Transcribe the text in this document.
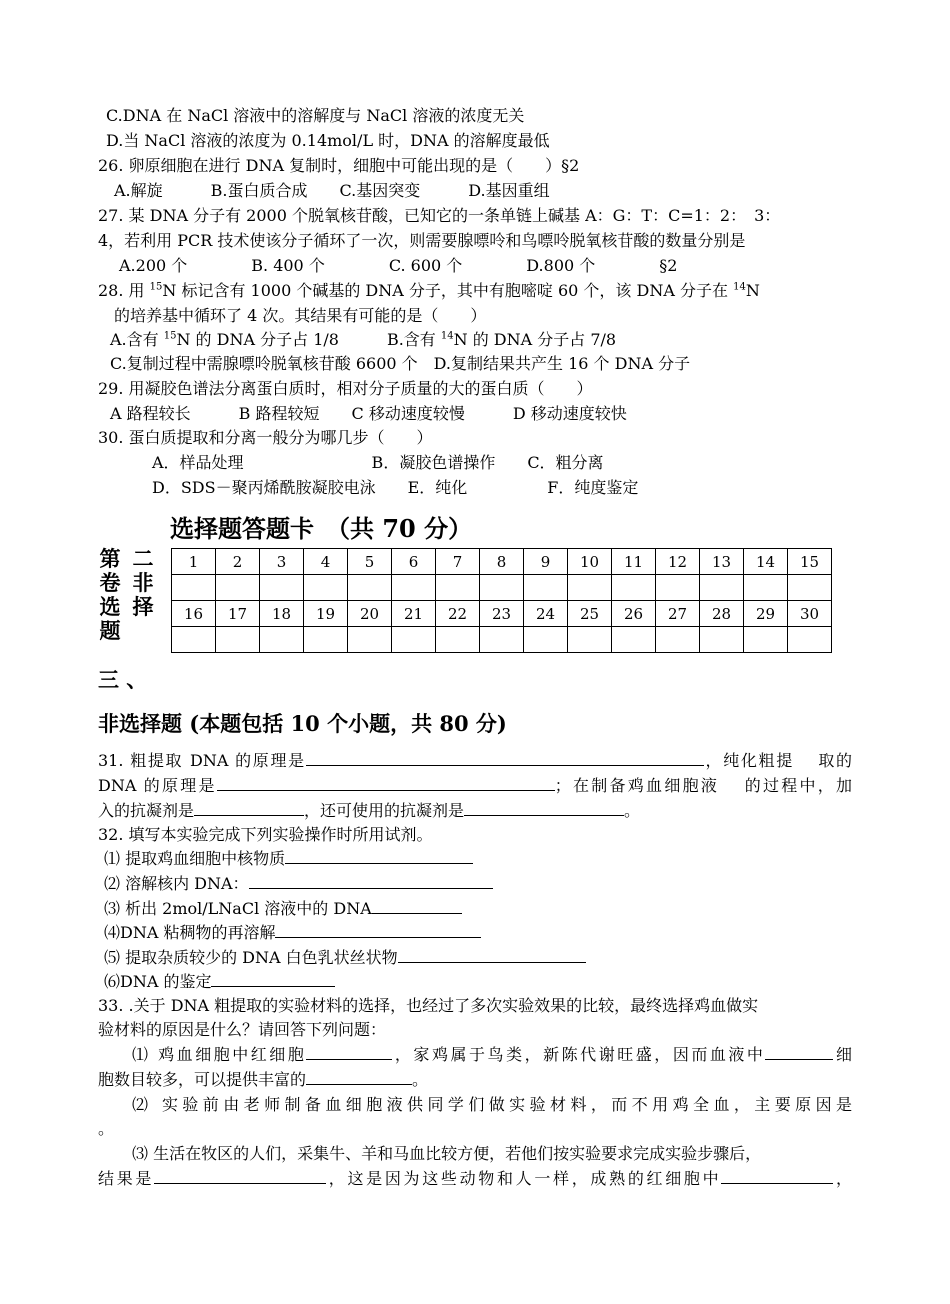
C.DNA 在 NaCl 溶液中的溶解度与 NaCl 溶液的浓度无关
D.当 NaCl 溶液的浓度为 0.14mol/L 时，DNA 的溶解度最低
26. 卵原细胞在进行 DNA 复制时，细胞中可能出现的是（　　）§2
A.解旋　　　B.蛋白质合成　　C.基因突变　　　D.基因重组
27. 某 DNA 分子有 2000 个脱氧核苷酸，已知它的一条单链上碱基 A：G：T：C=1：2：　3：
4，若利用 PCR 技术使该分子循环了一次，则需要腺嘌呤和鸟嘌呤脱氧核苷酸的数量分别是
A.200 个　　　　B. 400 个　　　　C. 600 个　　　　D.800 个　　　　§2
28. 用 $^{15}$N 标记含有 1000 个碱基的 DNA 分子，其中有胞嘧啶 60 个，该 DNA 分子在 $^{14}$N
的培养基中循环了 4 次。其结果有可能的是（　　）
A.含有 $^{15}$N 的 DNA 分子占 1/8　　　B.含有 $^{14}$N 的 DNA 分子占 7/8
C.复制过程中需腺嘌呤脱氧核苷酸 6600 个　D.复制结果共产生 16 个 DNA 分子
29. 用凝胶色谱法分离蛋白质时，相对分子质量的大的蛋白质（　　）
A 路程较长　　　B 路程较短　　C 移动速度较慢　　　D 移动速度较快
30. 蛋白质提取和分离一般分为哪几步（　　）
A．样品处理　　　　　　　　B．凝胶色谱操作　　C．粗分离
D．SDS－聚丙烯酰胺凝胶电泳　　E．纯化　　　　　F．纯度鉴定
选择题答题卡　（共 70 分）
第
卷
选
题
二
非
择
1	2	3	4	5	6	7	8	9	10	11	12	13	14	15

16	17	18	19	20	21	22	23	24	25	26	27	28	29	30

三 、
非选择题 (本题包括 10 个小题，共 80 分)
31. 粗提取 DNA 的原理是	，纯化粗提　 取的
DNA 的原理是	；在制备鸡血细胞液　 的过程中，加
入的抗凝剂是	，还可使用的抗凝剂是	。
32. 填写本实验完成下列实验操作时所用试剂。
⑴ 提取鸡血细胞中核物质
⑵ 溶解核内 DNA：
⑶ 析出 2mol/LNaCl 溶液中的 DNA
⑷DNA 粘稠物的再溶解
⑸ 提取杂质较少的 DNA 白色乳状丝状物
⑹DNA 的鉴定
33. .关于 DNA 粗提取的实验材料的选择，也经过了多次实验效果的比较，最终选择鸡血做实
验材料的原因是什么？请回答下列问题：
⑴ 鸡血细胞中红细胞	，家鸡属于鸟类，新陈代谢旺盛，因而血液中	细
胞数目较多，可以提供丰富的	。
⑵ 实验前由老师制备血细胞液供同学们做实验材料，而不用鸡全血，主要原因是
。
⑶ 生活在牧区的人们，采集牛、羊和马血比较方便，若他们按实验要求完成实验步骤后，
结果是	，这是因为这些动物和人一样，成熟的红细胞中	，
